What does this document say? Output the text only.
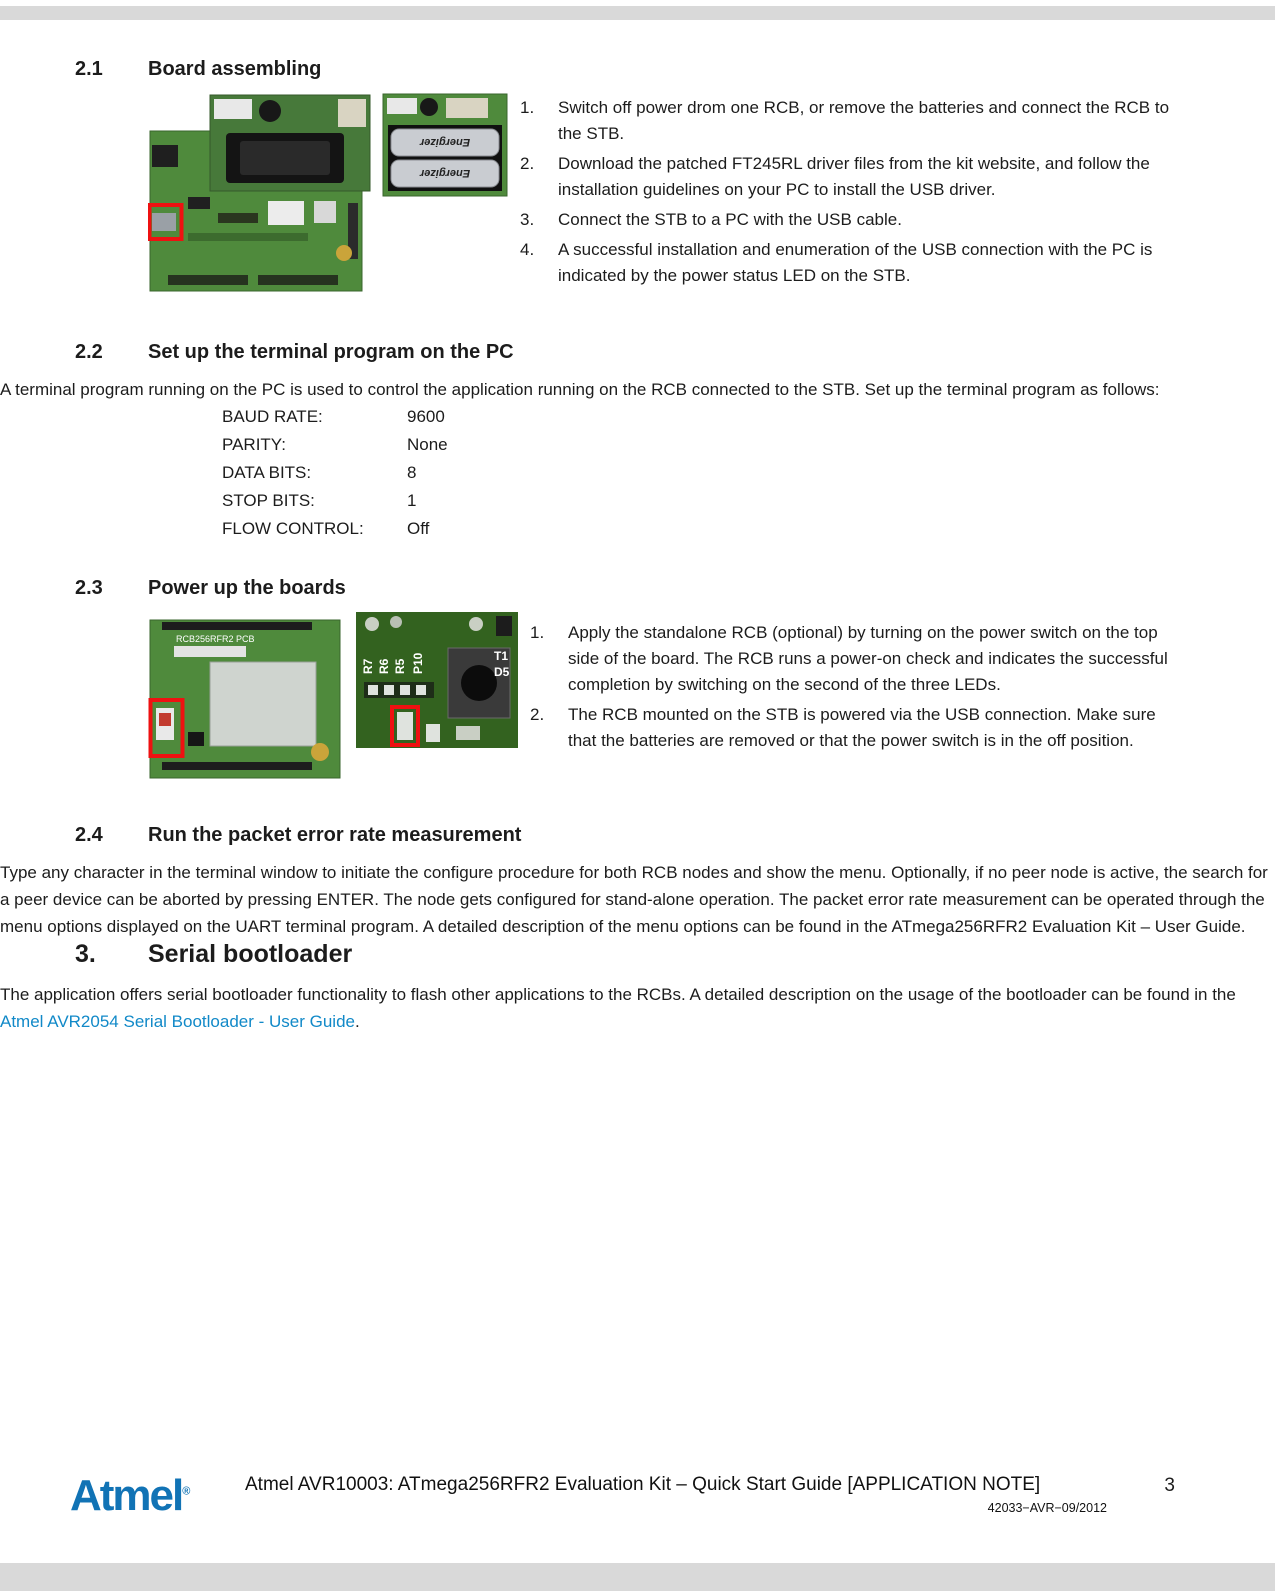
2.1	Board assembling
Energizer
Energizer
1.	Switch off power drom one RCB, or remove the batteries and connect the RCB to the STB.
2.	Download the patched FT245RL driver files from the kit website, and follow the installation guidelines on your PC to install the USB driver.
3.	Connect the STB to a PC with the USB cable.
4.	A successful installation and enumeration of the USB connection with the PC is indicated by the power status LED on the STB.
2.2	Set up the terminal program on the PC

A terminal program running on the PC is used to control the application running on the RCB connected to the STB. Set up the terminal program as follows:

BAUD RATE:	9600
PARITY:	None
DATA BITS:	8
STOP BITS:	1
FLOW CONTROL:	Off
2.3	Power up the boards
RCB256RFR2 PCB
R7 R6 R5 P10	T1
D5
1.	Apply the standalone RCB (optional) by turning on the power switch on the top side of the board. The RCB runs a power-on check and indicates the successful completion by switching on the second of the three LEDs.
2.	The RCB mounted on the STB is powered via the USB connection. Make sure that the batteries are removed or that the power switch is in the off position.
2.4	Run the packet error rate measurement

Type any character in the terminal window to initiate the configure procedure for both RCB nodes and show the menu. Optionally, if no peer node is active, the search for a peer device can be aborted by pressing ENTER. The node gets configured for stand-alone operation. The packet error rate measurement can be operated through the menu options displayed on the UART terminal program. A detailed description of the menu options can be found in the ATmega256RFR2 Evaluation Kit – User Guide.

3.	Serial bootloader

The application offers serial bootloader functionality to flash other applications to the RCBs. A detailed description on the usage of the bootloader can be found in the Atmel AVR2054 Serial Bootloader - User Guide.

Atmel®	Atmel AVR10003: ATmega256RFR2 Evaluation Kit – Quick Start Guide [APPLICATION NOTE]
42033−AVR−09/2012
3
